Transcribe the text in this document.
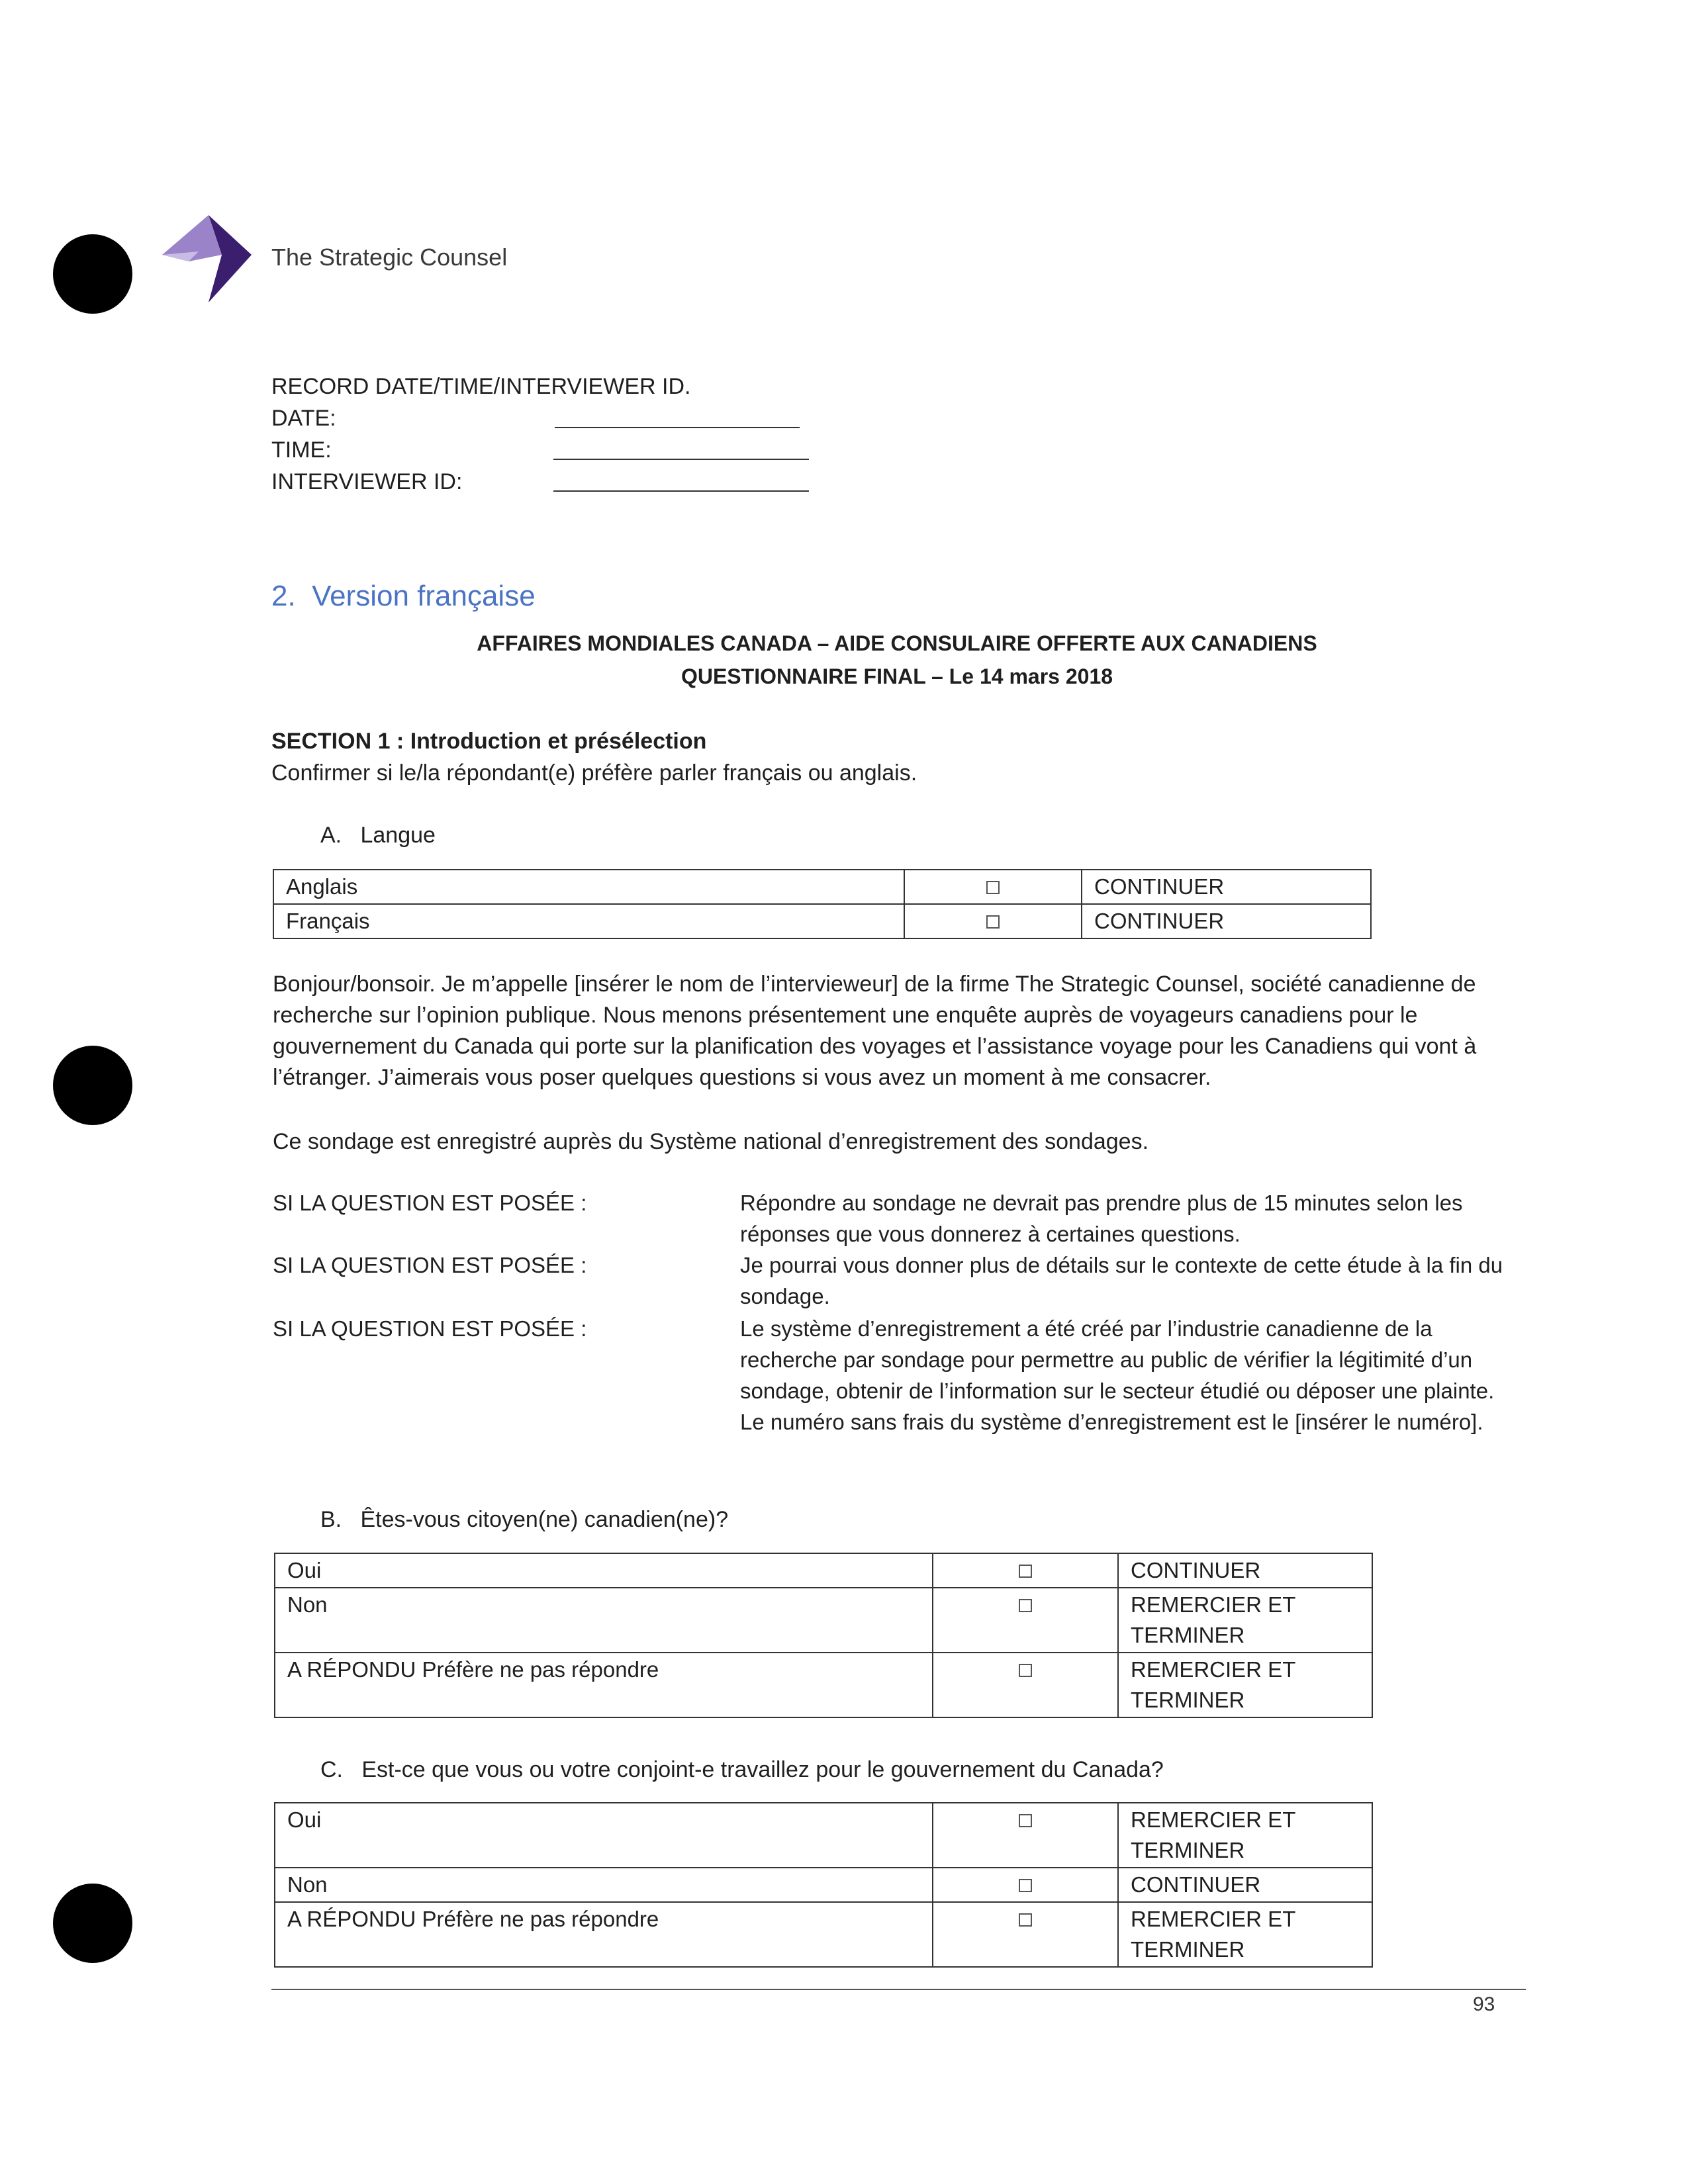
The Strategic Counsel
RECORD DATE/TIME/INTERVIEWER ID.
DATE:
TIME:
INTERVIEWER ID:
2. Version française
AFFAIRES MONDIALES CANADA – AIDE CONSULAIRE OFFERTE AUX CANADIENS
QUESTIONNAIRE FINAL – Le 14 mars 2018
SECTION 1 : Introduction et présélection
Confirmer si le/la répondant(e) préfère parler français ou anglais.
A. Langue
Anglais		CONTINUER
Français		CONTINUER
Bonjour/bonsoir. Je m’appelle [insérer le nom de l’intervieweur] de la firme The Strategic Counsel, société canadienne de recherche sur l’opinion publique. Nous menons présentement une enquête auprès de voyageurs canadiens pour le gouvernement du Canada qui porte sur la planification des voyages et l’assistance voyage pour les Canadiens qui vont à l’étranger. J’aimerais vous poser quelques questions si vous avez un moment à me consacrer.
Ce sondage est enregistré auprès du Système national d’enregistrement des sondages.
SI LA QUESTION EST POSÉE :	Répondre au sondage ne devrait pas prendre plus de 15 minutes selon les réponses que vous donnerez à certaines questions.
SI LA QUESTION EST POSÉE :	Je pourrai vous donner plus de détails sur le contexte de cette étude à la fin du sondage.
SI LA QUESTION EST POSÉE :	Le système d’enregistrement a été créé par l’industrie canadienne de la recherche par sondage pour permettre au public de vérifier la légitimité d’un sondage, obtenir de l’information sur le secteur étudié ou déposer une plainte. Le numéro sans frais du système d’enregistrement est le [insérer le numéro].
B. Êtes-vous citoyen(ne) canadien(ne)?
Oui		CONTINUER
Non		REMERCIER ET TERMINER
A RÉPONDU Préfère ne pas répondre		REMERCIER ET TERMINER
C. Est-ce que vous ou votre conjoint-e travaillez pour le gouvernement du Canada?
Oui		REMERCIER ET TERMINER
Non		CONTINUER
A RÉPONDU Préfère ne pas répondre		REMERCIER ET TERMINER
93
